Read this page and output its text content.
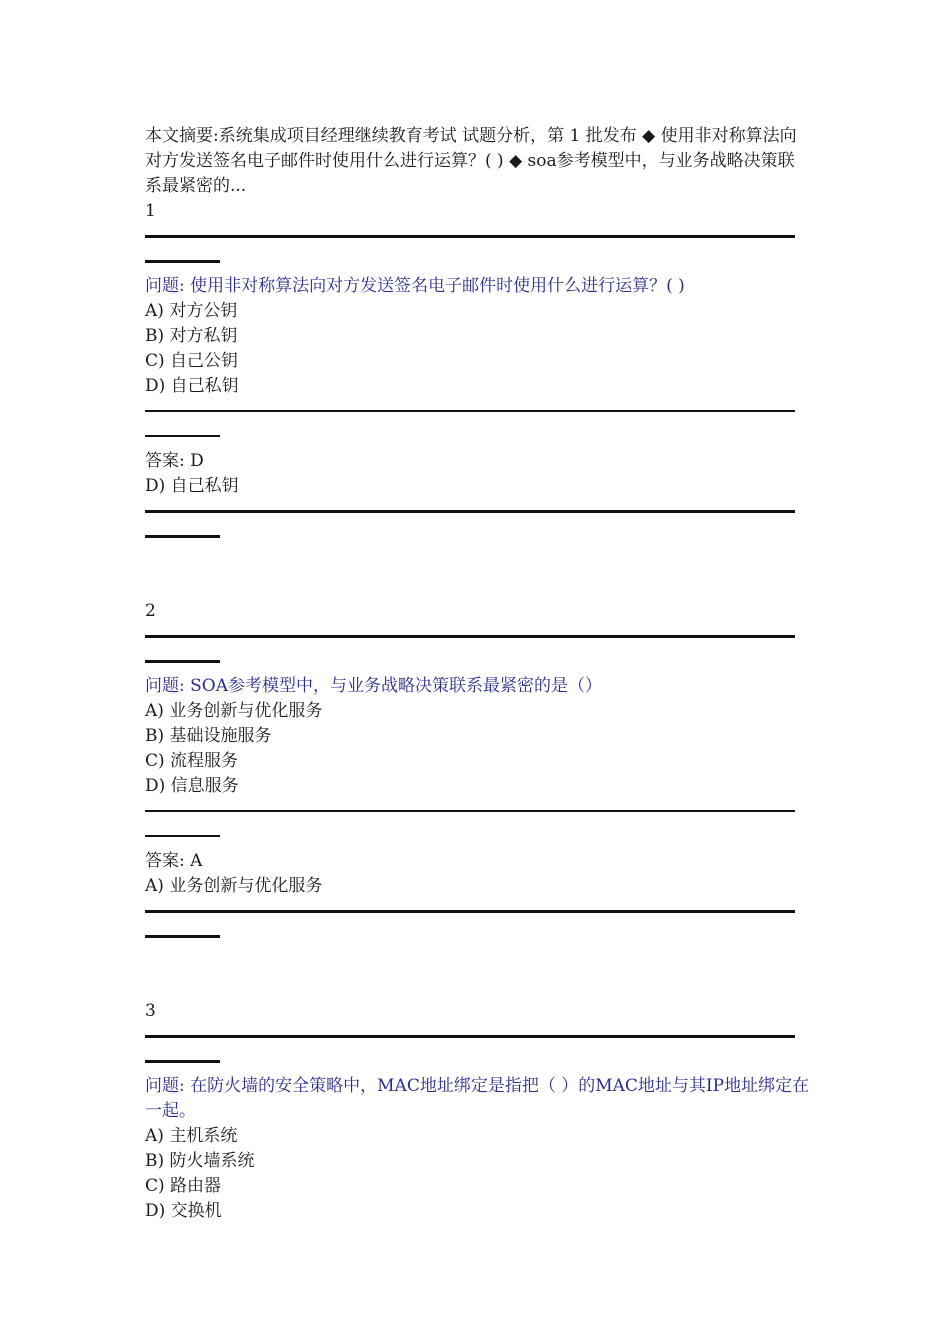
本文摘要:系统集成项目经理继续教育考试 试题分析，第 1 批发布 ◆ 使用非对称算法向对方发送签名电子邮件时使用什么进行运算？( ) ◆ soa参考模型中，与业务战略决策联系最紧密的...
1
问题: 使用非对称算法向对方发送签名电子邮件时使用什么进行运算？( )
A) 对方公钥
B) 对方私钥
C) 自己公钥
D) 自己私钥
答案: D
D) 自己私钥
2
问题: SOA参考模型中，与业务战略决策联系最紧密的是（）
A) 业务创新与优化服务
B) 基础设施服务
C) 流程服务
D) 信息服务
答案: A
A) 业务创新与优化服务
3
问题: 在防火墙的安全策略中，MAC地址绑定是指把（ ）的MAC地址与其IP地址绑定在一起。
A) 主机系统
B) 防火墙系统
C) 路由器
D) 交换机
